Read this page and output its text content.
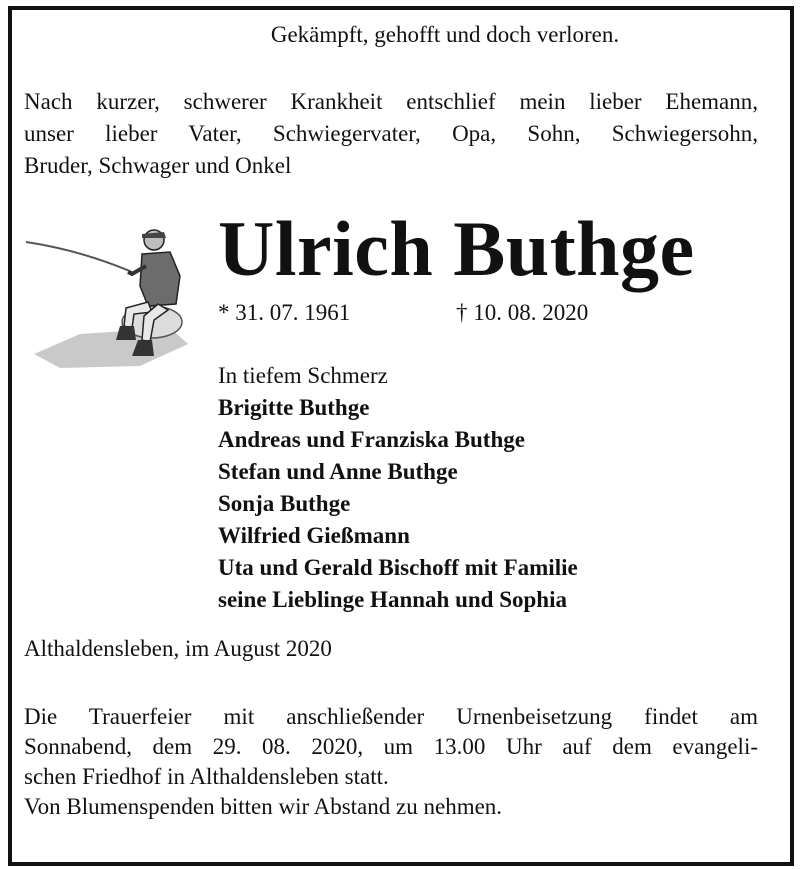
Gekämpft, gehofft und doch verloren.
Nach kurzer, schwerer Krankheit entschlief mein lieber Ehemann,
unser lieber Vater, Schwiegervater, Opa, Sohn, Schwiegersohn,
Bruder, Schwager und Onkel
Ulrich Buthge
* 31. 07. 1961	† 10. 08. 2020
In tiefem Schmerz
Brigitte Buthge
Andreas und Franziska Buthge
Stefan und Anne Buthge
Sonja Buthge
Wilfried Gießmann
Uta und Gerald Bischoff mit Familie
seine Lieblinge Hannah und Sophia
Althaldensleben, im August 2020
Die Trauerfeier mit anschließender Urnenbeisetzung findet am
Sonnabend, dem 29. 08. 2020, um 13.00 Uhr auf dem evangeli-
schen Friedhof in Althaldensleben statt.
Von Blumenspenden bitten wir Abstand zu nehmen.
